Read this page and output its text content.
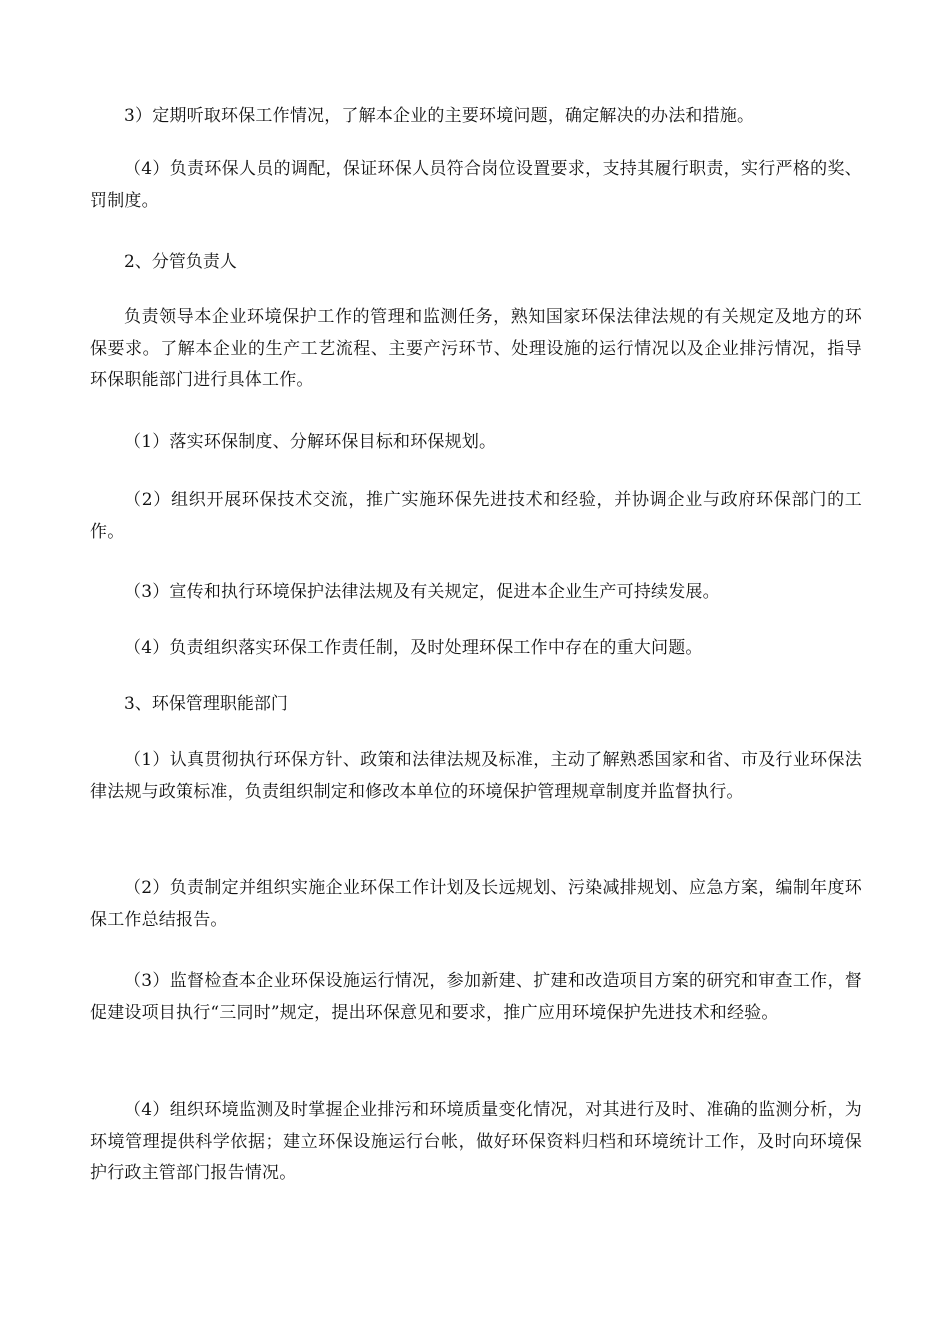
3）定期听取环保工作情况，了解本企业的主要环境问题，确定解决的办法和措施。

（4）负责环保人员的调配，保证环保人员符合岗位设置要求，支持其履行职责，实行严格的奖、罚制度。

2、分管负责人

负责领导本企业环境保护工作的管理和监测任务，熟知国家环保法律法规的有关规定及地方的环保要求。了解本企业的生产工艺流程、主要产污环节、处理设施的运行情况以及企业排污情况，指导环保职能部门进行具体工作。

（1）落实环保制度、分解环保目标和环保规划。

（2）组织开展环保技术交流，推广实施环保先进技术和经验，并协调企业与政府环保部门的工作。

（3）宣传和执行环境保护法律法规及有关规定，促进本企业生产可持续发展。

（4）负责组织落实环保工作责任制，及时处理环保工作中存在的重大问题。

3、环保管理职能部门

（1）认真贯彻执行环保方针、政策和法律法规及标准，主动了解熟悉国家和省、市及行业环保法律法规与政策标准，负责组织制定和修改本单位的环境保护管理规章制度并监督执行。

（2）负责制定并组织实施企业环保工作计划及长远规划、污染减排规划、应急方案，编制年度环保工作总结报告。

（3）监督检查本企业环保设施运行情况，参加新建、扩建和改造项目方案的研究和审查工作，督促建设项目执行“三同时”规定，提出环保意见和要求，推广应用环境保护先进技术和经验。

（4）组织环境监测及时掌握企业排污和环境质量变化情况，对其进行及时、准确的监测分析，为环境管理提供科学依据；建立环保设施运行台帐，做好环保资料归档和环境统计工作，及时向环境保护行政主管部门报告情况。
